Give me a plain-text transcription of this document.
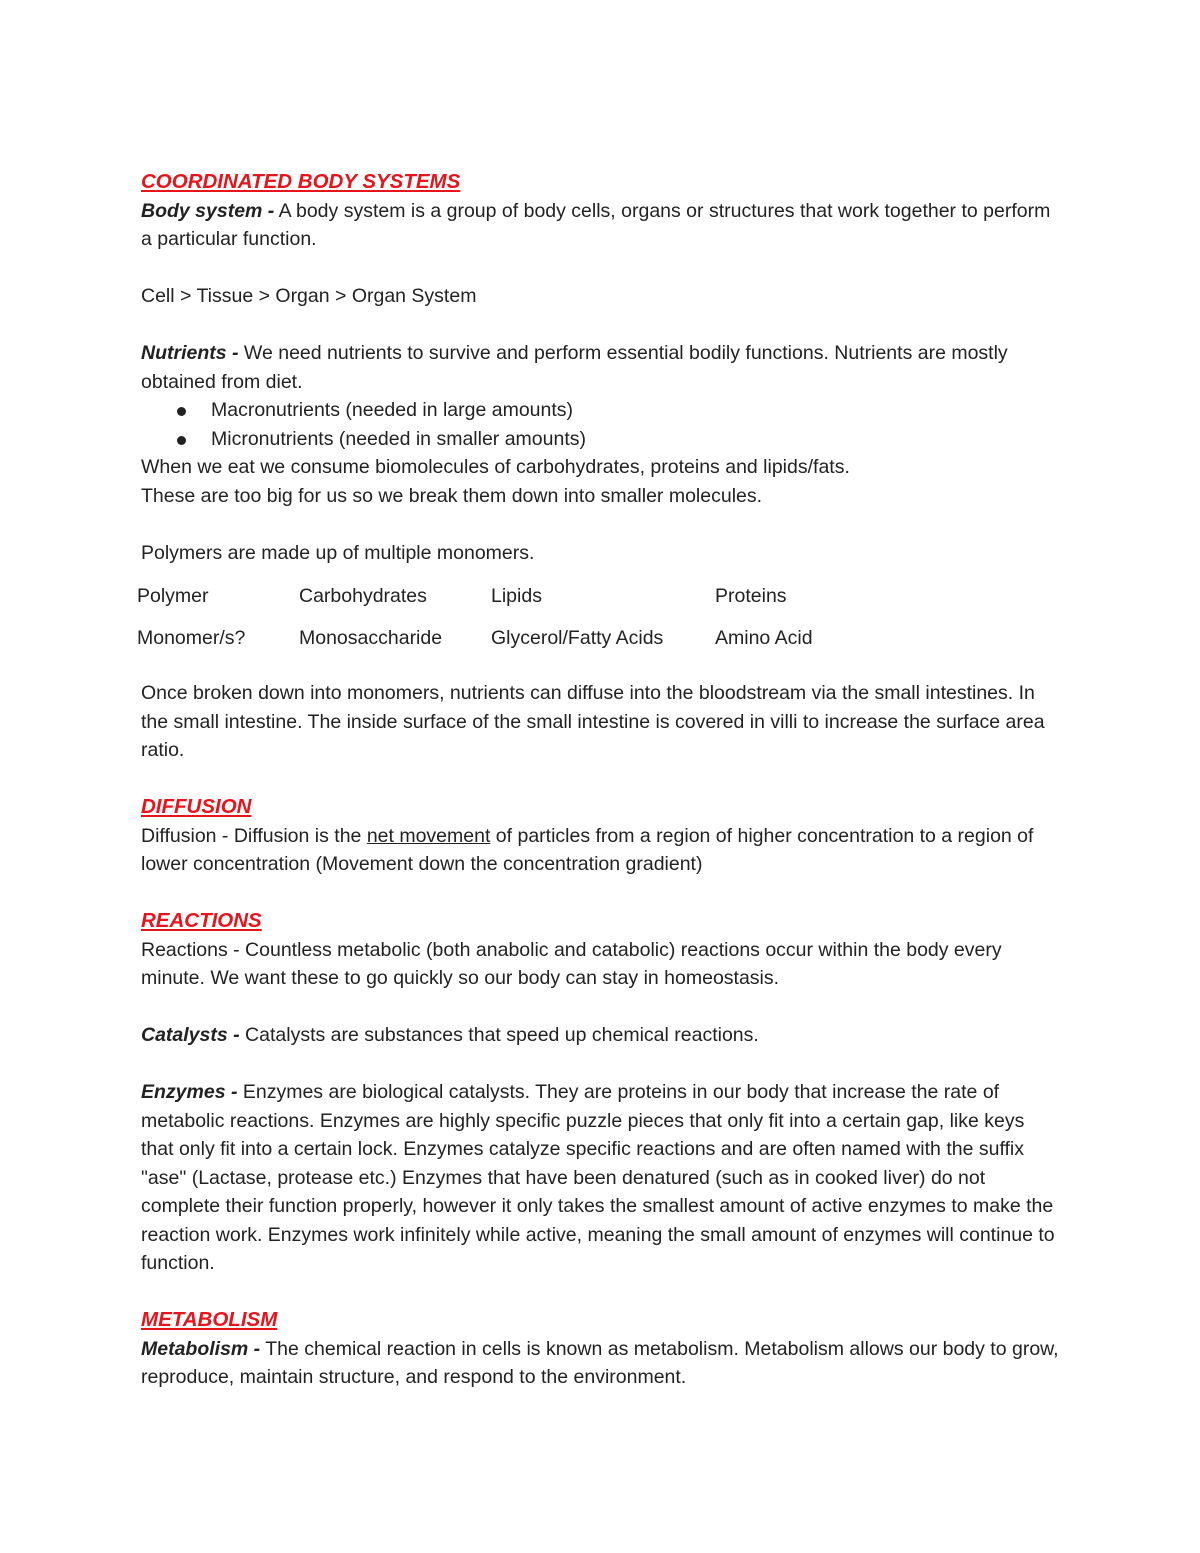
COORDINATED BODY SYSTEMS
Body system - A body system is a group of body cells, organs or structures that work together to perform a particular function.
Cell > Tissue > Organ > Organ System
Nutrients - We need nutrients to survive and perform essential bodily functions. Nutrients are mostly obtained from diet.
Macronutrients (needed in large amounts)
Micronutrients (needed in smaller amounts)
When we eat we consume biomolecules of carbohydrates, proteins and lipids/fats.
These are too big for us so we break them down into smaller molecules.
Polymers are made up of multiple monomers.
Polymer	Carbohydrates	Lipids	Proteins
Monomer/s?	Monosaccharide	Glycerol/Fatty Acids	Amino Acid
Once broken down into monomers, nutrients can diffuse into the bloodstream via the small intestines. In the small intestine. The inside surface of the small intestine is covered in villi to increase the surface area ratio.
DIFFUSION
Diffusion - Diffusion is the net movement of particles from a region of higher concentration to a region of lower concentration (Movement down the concentration gradient)
REACTIONS
Reactions - Countless metabolic (both anabolic and catabolic) reactions occur within the body every minute. We want these to go quickly so our body can stay in homeostasis.
Catalysts - Catalysts are substances that speed up chemical reactions.
Enzymes - Enzymes are biological catalysts. They are proteins in our body that increase the rate of metabolic reactions. Enzymes are highly specific puzzle pieces that only fit into a certain gap, like keys that only fit into a certain lock. Enzymes catalyze specific reactions and are often named with the suffix "ase" (Lactase, protease etc.) Enzymes that have been denatured (such as in cooked liver) do not complete their function properly, however it only takes the smallest amount of active enzymes to make the reaction work. Enzymes work infinitely while active, meaning the small amount of enzymes will continue to function.
METABOLISM
Metabolism - The chemical reaction in cells is known as metabolism. Metabolism allows our body to grow, reproduce, maintain structure, and respond to the environment.
